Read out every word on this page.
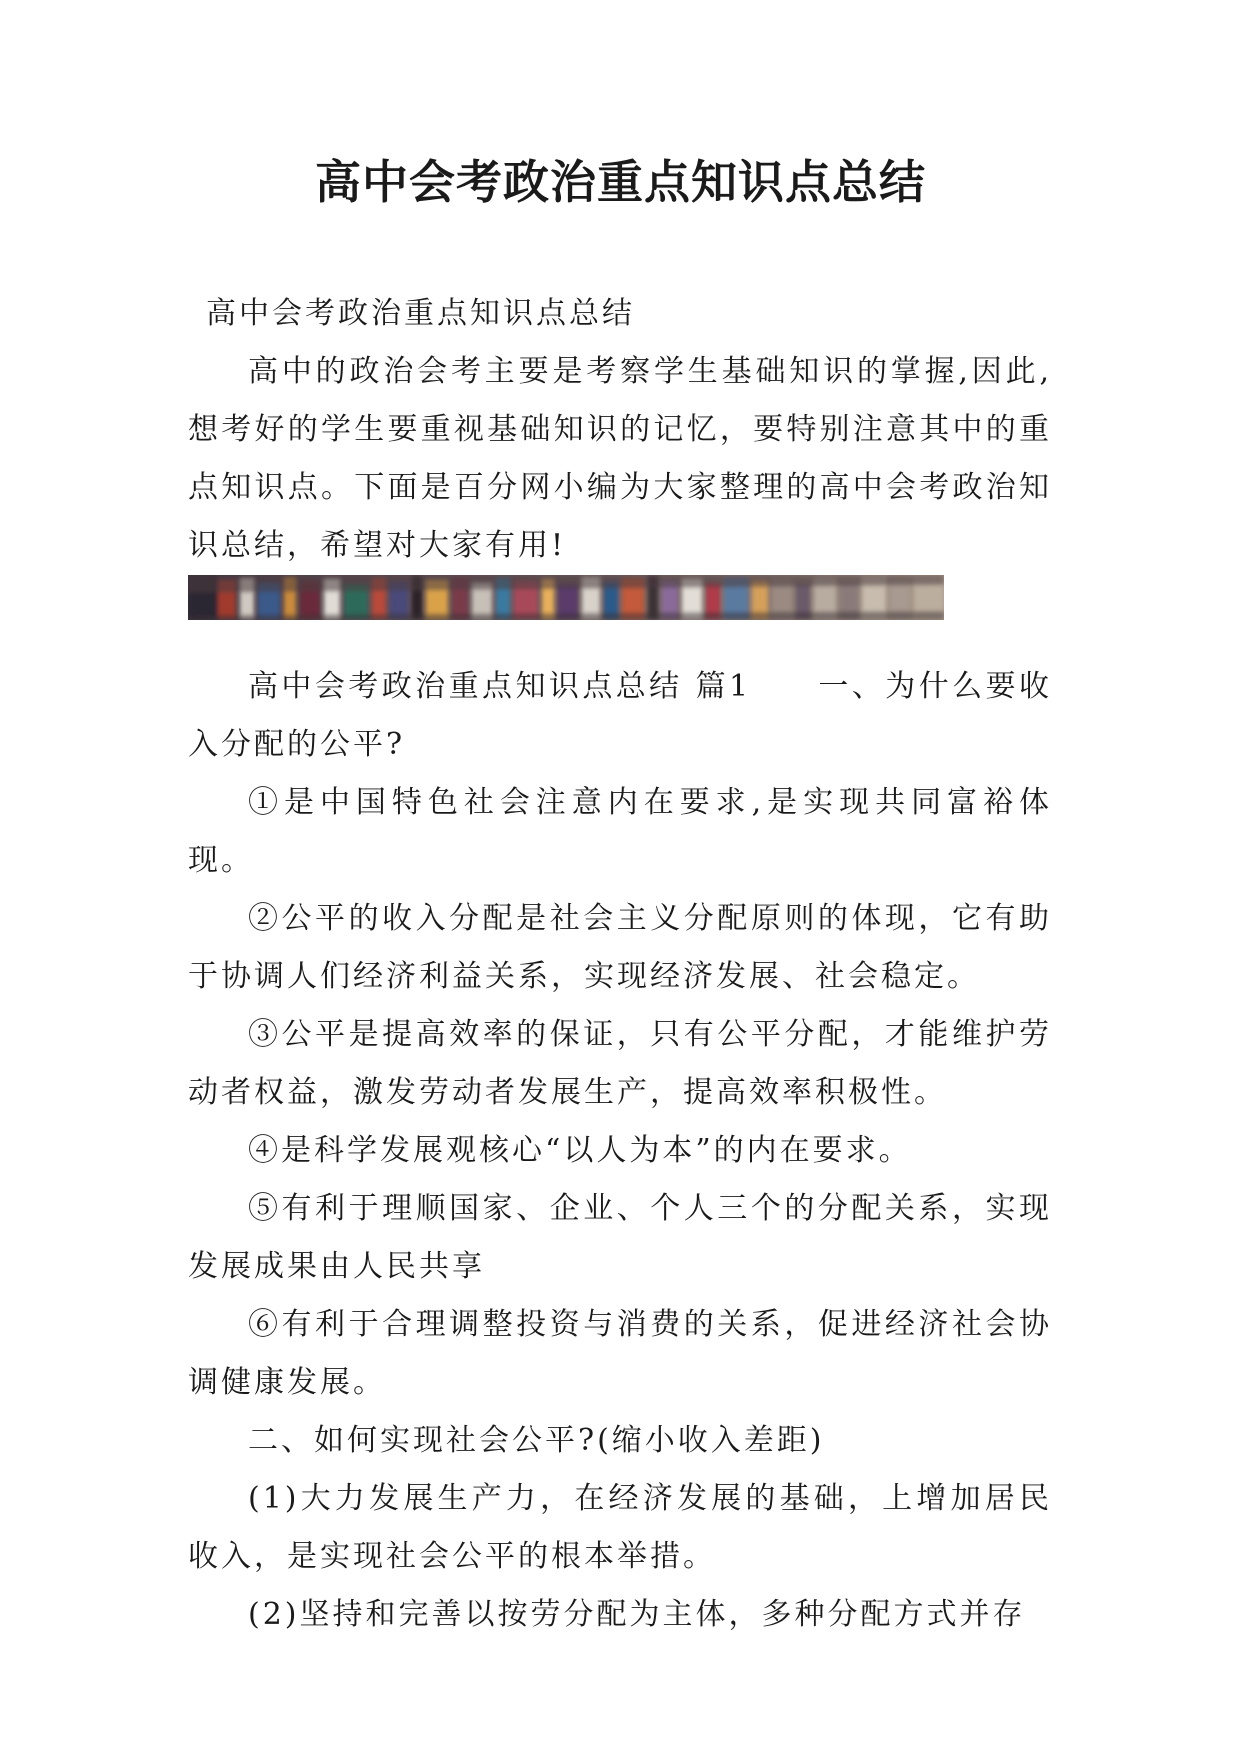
高中会考政治重点知识点总结

高中会考政治重点知识点总结

高中的政治会考主要是考察学生基础知识的掌握,因此,想考好的学生要重视基础知识的记忆，要特别注意其中的重点知识点。下面是百分网小编为大家整理的高中会考政治知识总结，希望对大家有用!

高中会考政治重点知识点总结 篇1　　一、为什么要收入分配的公平?

①是中国特色社会注意内在要求,是实现共同富裕体现。

②公平的收入分配是社会主义分配原则的体现，它有助于协调人们经济利益关系，实现经济发展、社会稳定。

③公平是提高效率的保证，只有公平分配，才能维护劳动者权益，激发劳动者发展生产，提高效率积极性。

④是科学发展观核心“以人为本”的内在要求。

⑤有利于理顺国家、企业、个人三个的分配关系，实现发展成果由人民共享

⑥有利于合理调整投资与消费的关系，促进经济社会协调健康发展。

二、如何实现社会公平?(缩小收入差距)

(1)大力发展生产力，在经济发展的基础，上增加居民收入，是实现社会公平的根本举措。

(2)坚持和完善以按劳分配为主体，多种分配方式并存
